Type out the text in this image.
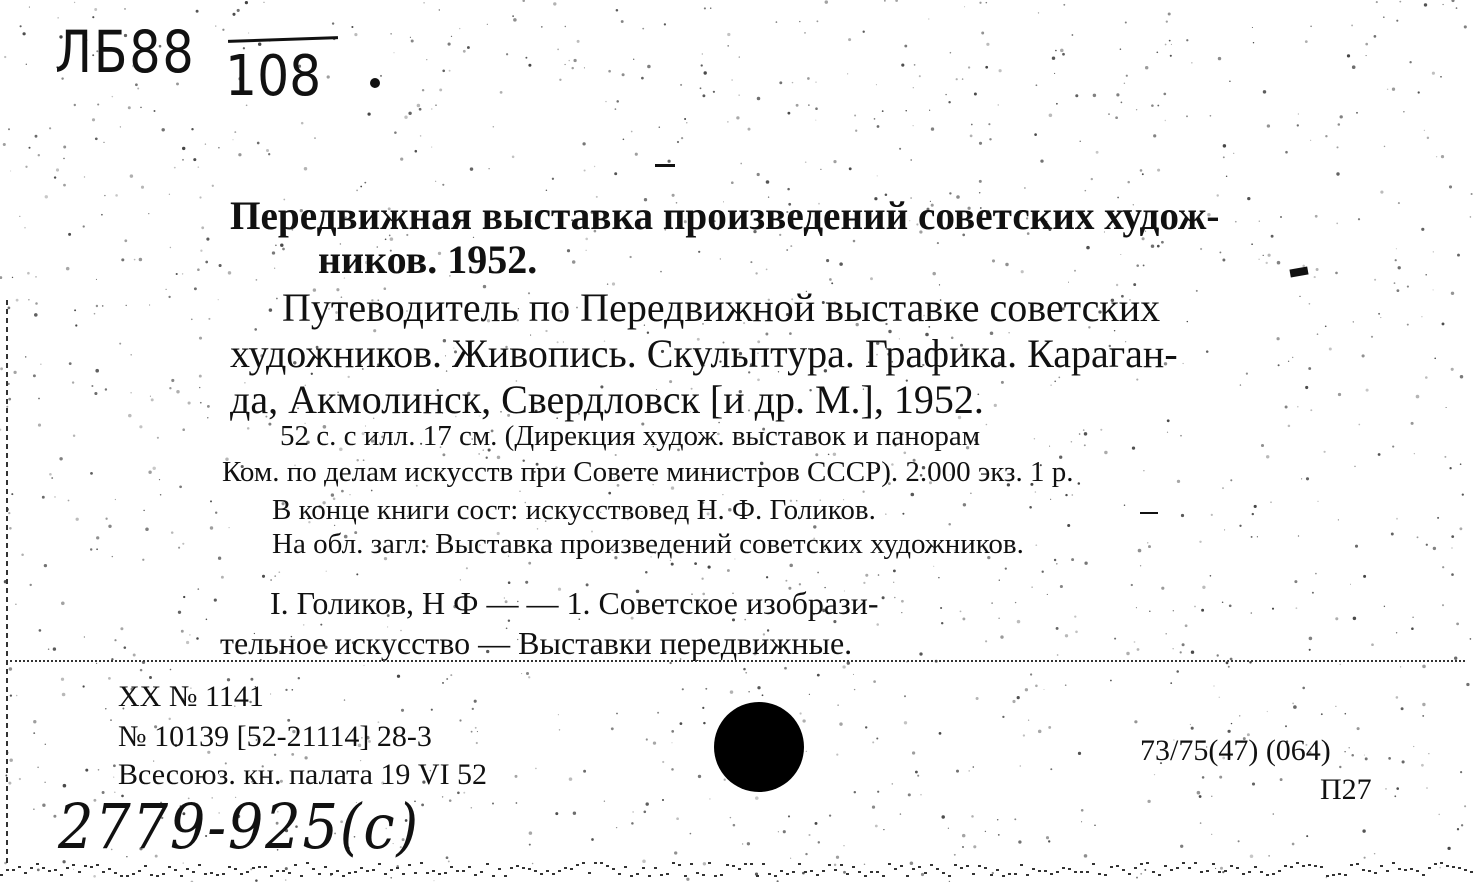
ЛБ88 108
Передвижная выставка произведений советских худож-
ников. 1952.
Путеводитель по Передвижной выставке советских
художников. Живопись. Скульптура. Графика. Караган-
да, Акмолинск, Свердловск [и др. М.], 1952.
52 с. с илл. 17 см. (Дирекция худож. выставок и панорам
Ком. по делам искусств при Совете министров СССР). 2.000 экз. 1 р.
В конце книги сост: искусствовед Н. Ф. Голиков.
На обл. загл: Выставка произведений советских художников.
I. Голиков, Н Ф — — 1. Советское изобрази-
тельное искусство — Выставки передвижные.
XX № 1141
№ 10139 [52-21114] 28-3
Всесоюз. кн. палата 19 VI 52
73/75(47) (064)
П27
2779-925(c)
